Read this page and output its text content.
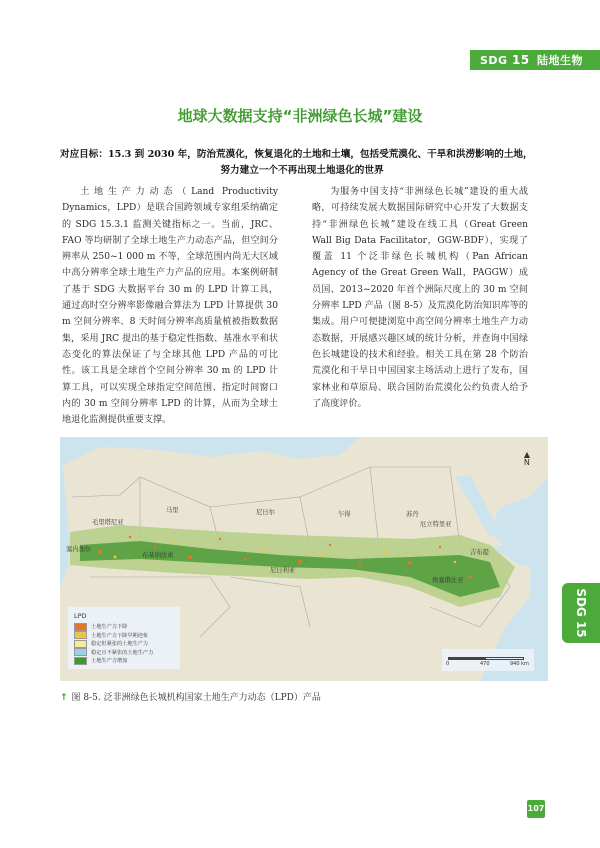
SDG 15 陆地生物
地球大数据支持“非洲绿色长城”建设
对应目标：15.3 到 2030 年，防治荒漠化，恢复退化的土地和土壤，包括受荒漠化、干旱和洪涝影响的土地，
努力建立一个不再出现土地退化的世界

土地生产力动态（Land Productivity Dynamics，LPD）是联合国跨领域专家组采纳确定的 SDG 15.3.1 监测关键指标之一。当前，JRC、FAO 等均研制了全球土地生产力动态产品，但空间分辨率从 250~1 000 m 不等，全球范围内尚无大区域中高分辨率全球土地生产力产品的应用。本案例研制了基于 SDG 大数据平台 30 m 的 LPD 计算工具，通过高时空分辨率影像融合算法为 LPD 计算提供 30 m 空间分辨率、8 天时间分辨率高质量植被指数数据集，采用 JRC 提出的基于稳定性指数、基准水平和状态变化的算法保证了与全球其他 LPD 产品的可比性。该工具是全球首个空间分辨率 30 m 的 LPD 计算工具，可以实现全球指定空间范围、指定时间窗口内的 30 m 空间分辨率 LPD 的计算，从而为全球土地退化监测提供重要支撑。

为服务中国支持“非洲绿色长城”建设的重大战略，可持续发展大数据国际研究中心开发了大数据支持“非洲绿色长城”建设在线工具（Great Green Wall Big Data Facilitator，GGW-BDF），实现了覆盖 11 个泛非绿色长城机构（Pan African Agency of the Great Green Wall，PAGGW）成员国、2013~2020 年首个洲际尺度上的 30 m 空间分辨率 LPD 产品（图 8-5）及荒漠化防治知识库等的集成。用户可便捷浏览中高空间分辨率土地生产力动态数据，开展感兴趣区域的统计分析，并查询中国绿色长城建设的技术和经验。相关工具在第 28 个防治荒漠化和干旱日中国国家主场活动上进行了发布，国家林业和草原局、联合国防治荒漠化公约负责人给予了高度评价。

毛里塔尼亚
马里	尼日尔	乍得	苏丹
塞内加尔
布基纳法索
尼日利亚
厄立特里亚
吉布提
埃塞俄比亚
▲
N
LPD
土地生产力下降
土地生产力下降早期迹象
稳定但紧张的土地生产力
稳定且不紧张的土地生产力
土地生产力增加	0	470	940 km
↑ 图 8-5. 泛非洲绿色长城机构国家土地生产力动态（LPD）产品
SDG 15
107
